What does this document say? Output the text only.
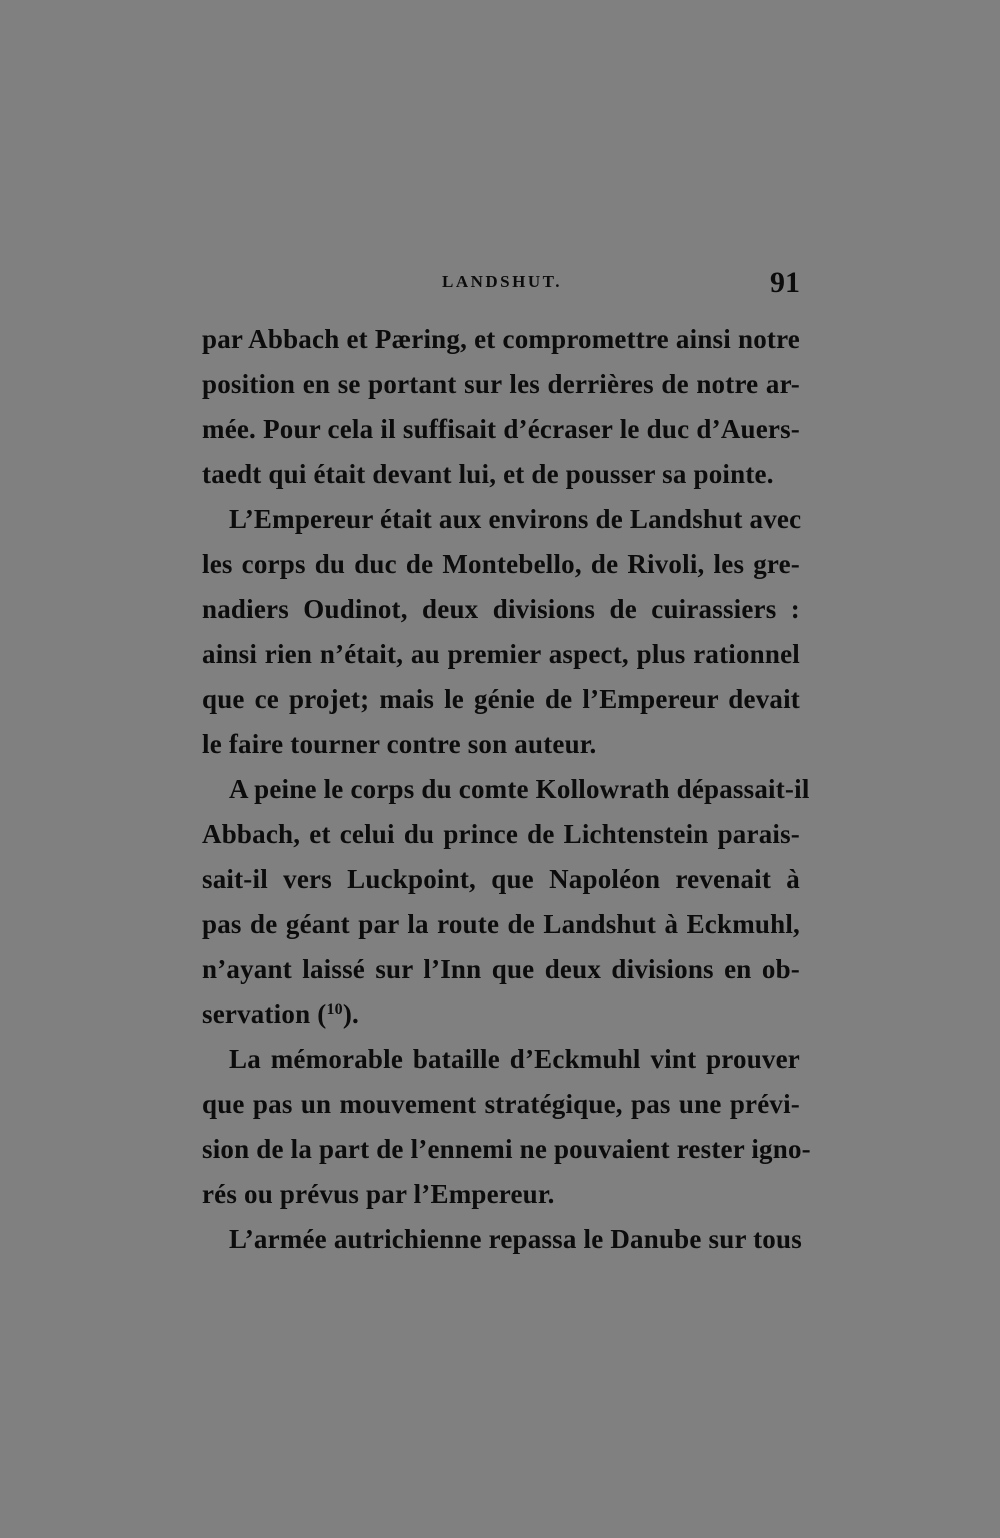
LANDSHUT.	91

par Abbach et Pæring, et compromettre ainsi notre
position en se portant sur les derrières de notre ar-
mée. Pour cela il suffisait d’écraser le duc d’Auers-
taedt qui était devant lui, et de pousser sa pointe.

L’Empereur était aux environs de Landshut avec
les corps du duc de Montebello, de Rivoli, les gre-
nadiers Oudinot, deux divisions de cuirassiers :
ainsi rien n’était, au premier aspect, plus rationnel
que ce projet; mais le génie de l’Empereur devait
le faire tourner contre son auteur.

A peine le corps du comte Kollowrath dépassait-il
Abbach, et celui du prince de Lichtenstein parais-
sait-il vers Luckpoint, que Napoléon revenait à
pas de géant par la route de Landshut à Eckmuhl,
n’ayant laissé sur l’Inn que deux divisions en ob-
servation ($^{10}$).

La mémorable bataille d’Eckmuhl vint prouver
que pas un mouvement stratégique, pas une prévi-
sion de la part de l’ennemi ne pouvaient rester igno-
rés ou prévus par l’Empereur.

L’armée autrichienne repassa le Danube sur tous
